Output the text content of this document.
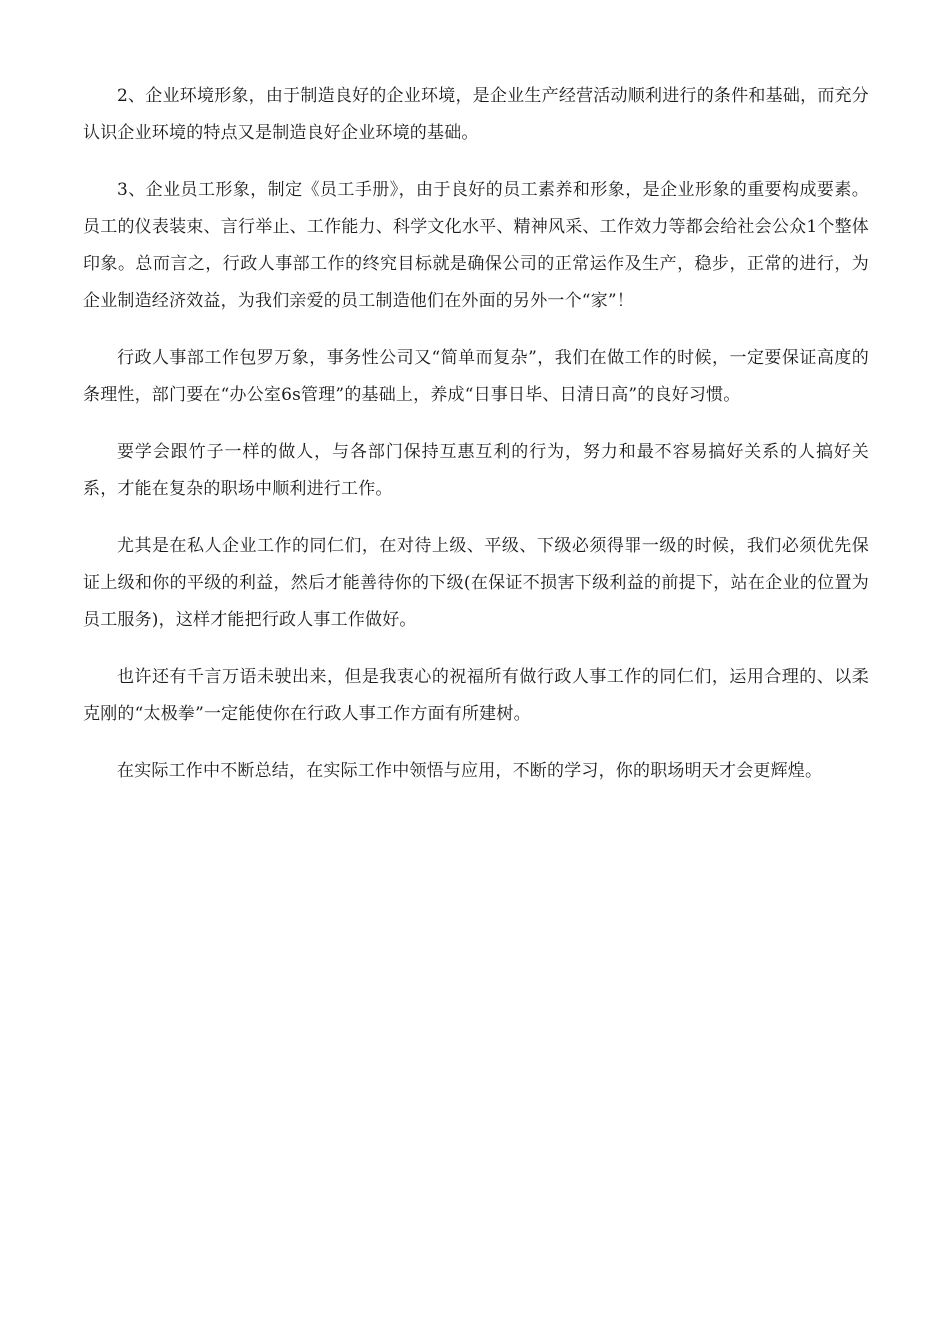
2、企业环境形象，由于制造良好的企业环境，是企业生产经营活动顺利进行的条件和基础，而充分认识企业环境的特点又是制造良好企业环境的基础。

3、企业员工形象，制定《员工手册》，由于良好的员工素养和形象，是企业形象的重要构成要素。员工的仪表装束、言行举止、工作能力、科学文化水平、精神风采、工作效力等都会给社会公众1个整体印象。总而言之，行政人事部工作的终究目标就是确保公司的正常运作及生产，稳步，正常的进行，为企业制造经济效益，为我们亲爱的员工制造他们在外面的另外一个“家”！

行政人事部工作包罗万象，事务性公司又“简单而复杂”，我们在做工作的时候，一定要保证高度的条理性，部门要在“办公室6s管理”的基础上，养成“日事日毕、日清日高”的良好习惯。

要学会跟竹子一样的做人，与各部门保持互惠互利的行为，努力和最不容易搞好关系的人搞好关系，才能在复杂的职场中顺利进行工作。

尤其是在私人企业工作的同仁们，在对待上级、平级、下级必须得罪一级的时候，我们必须优先保证上级和你的平级的利益，然后才能善待你的下级(在保证不损害下级利益的前提下，站在企业的位置为员工服务)，这样才能把行政人事工作做好。

也许还有千言万语未驶出来，但是我衷心的祝福所有做行政人事工作的同仁们，运用合理的、以柔克刚的“太极拳”一定能使你在行政人事工作方面有所建树。

在实际工作中不断总结，在实际工作中领悟与应用，不断的学习，你的职场明天才会更辉煌。
